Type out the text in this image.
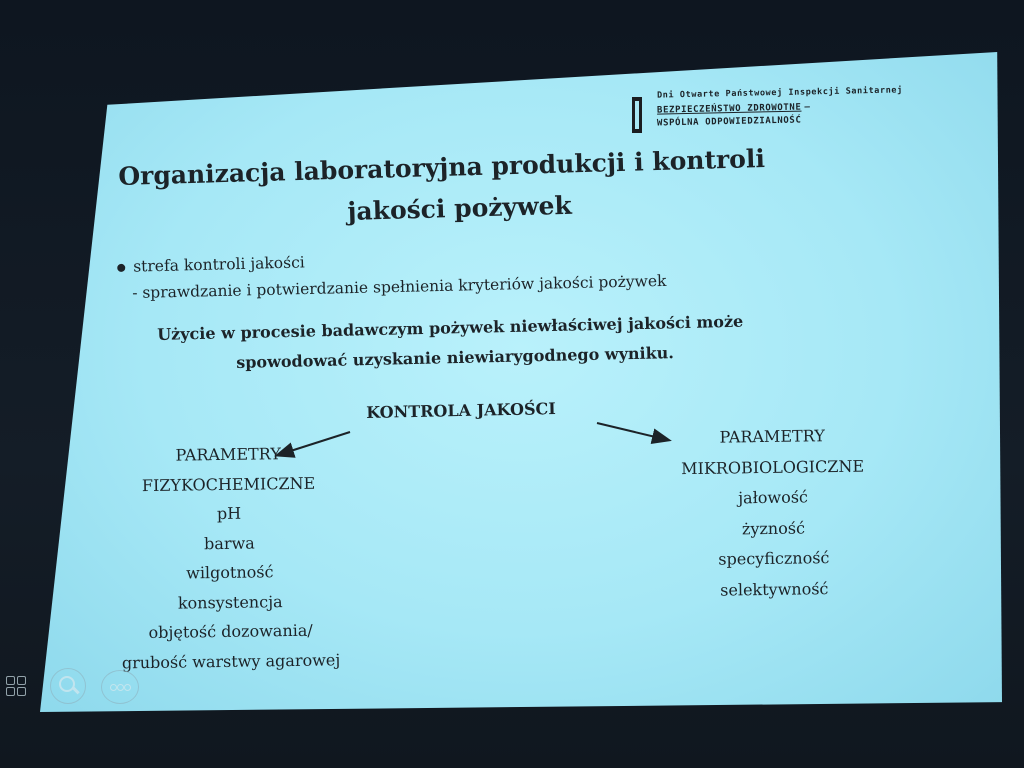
Dni Otwarte Państwowej Inspekcji Sanitarnej
BEZPIECZEŃSTWO ZDROWOTNE –
WSPÓLNA ODPOWIEDZIALNOŚĆ
Organizacja laboratoryjna produkcji i kontroli
jakości pożywek
strefa kontroli jakości
- sprawdzanie i potwierdzanie spełnienia kryteriów jakości pożywek
Użycie w procesie badawczym pożywek niewłaściwej jakości może
spowodować uzyskanie niewiarygodnego wyniku.
KONTROLA JAKOŚCI
PARAMETRY
FIZYKOCHEMICZNE
pH
barwa
wilgotność
konsystencja
objętość dozowania/
grubość warstwy agarowej
PARAMETRY
MIKROBIOLOGICZNE
jałowość
żyzność
specyficzność
selektywność
